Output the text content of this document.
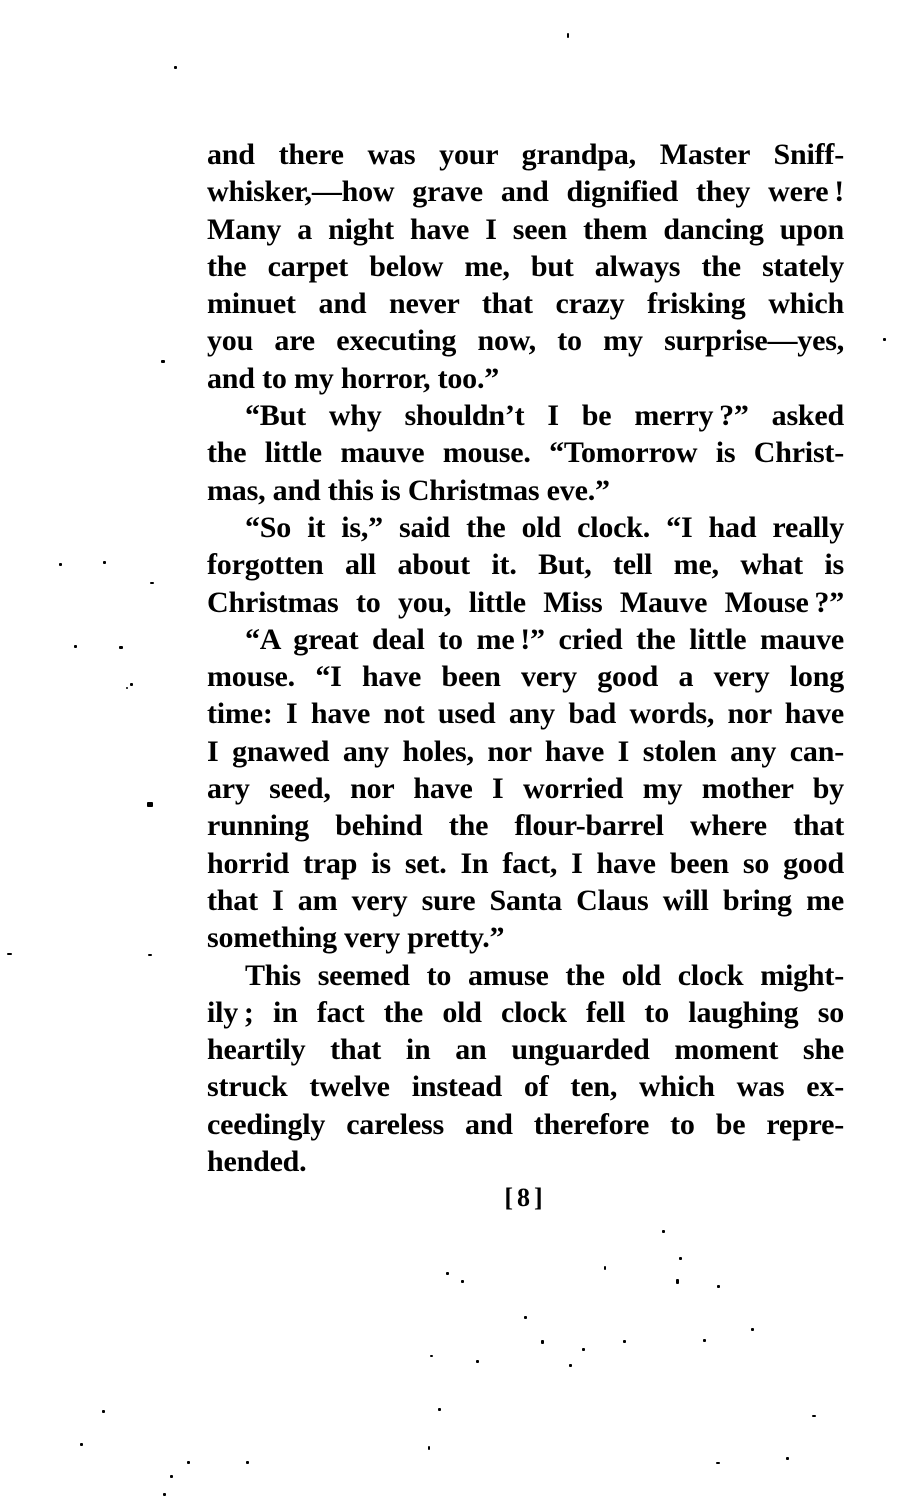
and there was your grandpa, Master Sniff-
whisker,—how grave and dignified they were !
Many a night have I seen them dancing upon
the carpet below me, but always the stately
minuet and never that crazy frisking which
you are executing now, to my surprise—yes,
and to my horror, too.”
“But why shouldn’t I be merry ?” asked
the little mauve mouse. “Tomorrow is Christ-
mas, and this is Christmas eve.”
“So it is,” said the old clock. “I had really
forgotten all about it. But, tell me, what is
Christmas to you, little Miss Mauve Mouse ?”
“A great deal to me !” cried the little mauve
mouse. “I have been very good a very long
time: I have not used any bad words, nor have
I gnawed any holes, nor have I stolen any can-
ary seed, nor have I worried my mother by
running behind the flour-barrel where that
horrid trap is set. In fact, I have been so good
that I am very sure Santa Claus will bring me
something very pretty.”
This seemed to amuse the old clock might-
ily ; in fact the old clock fell to laughing so
heartily that in an unguarded moment she
struck twelve instead of ten, which was ex-
ceedingly careless and therefore to be repre-
hended.
[8]
